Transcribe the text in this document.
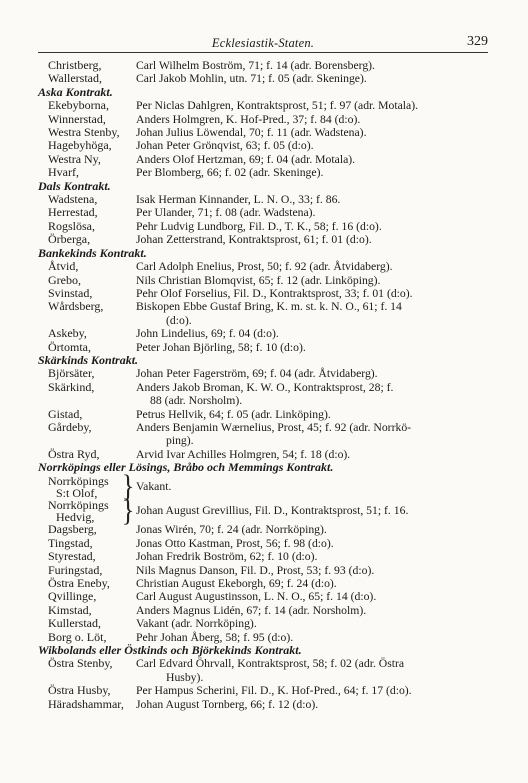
Ecklesiastik-Staten.	329
Christberg,	Carl Wilhelm Boström, 71; f. 14 (adr. Borensberg).
Wallerstad,	Carl Jakob Mohlin, utn. 71; f. 05 (adr. Skeninge).
Aska Kontrakt.
Ekebyborna,	Per Niclas Dahlgren, Kontraktsprost, 51; f. 97 (adr. Motala).
Winnerstad,	Anders Holmgren, K. Hof-Pred., 37; f. 84 (d:o).
Westra Stenby,	Johan Julius Löwendal, 70; f. 11 (adr. Wadstena).
Hagebyhöga,	Johan Peter Grönqvist, 63; f. 05 (d:o).
Westra Ny,	Anders Olof Hertzman, 69; f. 04 (adr. Motala).
Hvarf,	Per Blomberg, 66; f. 02 (adr. Skeninge).
Dals Kontrakt.
Wadstena,	Isak Herman Kinnander, L. N. O., 33; f. 86.
Herrestad,	Per Ulander, 71; f. 08 (adr. Wadstena).
Rogslösa,	Pehr Ludvig Lundborg, Fil. D., T. K., 58; f. 16 (d:o).
Örberga,	Johan Zetterstrand, Kontraktsprost, 61; f. 01 (d:o).
Bankekinds Kontrakt.
Åtvid,	Carl Adolph Enelius, Prost, 50; f. 92 (adr. Åtvidaberg).
Grebo,	Nils Christian Blomqvist, 65; f. 12 (adr. Linköping).
Svinstad,	Pehr Olof Forselius, Fil. D., Kontraktsprost, 33; f. 01 (d:o).
Wårdsberg,	Biskopen Ebbe Gustaf Bring, K. m. st. k. N. O., 61; f. 14
(d:o).
Askeby,	John Lindelius, 69; f. 04 (d:o).
Örtomta,	Peter Johan Björling, 58; f. 10 (d:o).
Skärkinds Kontrakt.
Björsäter,	Johan Peter Fagerström, 69; f. 04 (adr. Åtvidaberg).
Skärkind,	Anders Jakob Broman, K. W. O., Kontraktsprost, 28; f.
88 (adr. Norsholm).
Gistad,	Petrus Hellvik, 64; f. 05 (adr. Linköping).
Gårdeby,	Anders Benjamin Wærnelius, Prost, 45; f. 92 (adr. Norrkö-
ping).
Östra Ryd,	Arvid Ivar Achilles Holmgren, 54; f. 18 (d:o).
Norrköpings eller Lösings, Bråbo och Memmings Kontrakt.
Norrköpings
S:t Olof, } Vakant.
Norrköpings
Hedvig,	} Johan August Grevillius, Fil. D., Kontraktsprost, 51; f. 16.
Dagsberg,	Jonas Wirén, 70; f. 24 (adr. Norrköping).
Tingstad,	Jonas Otto Kastman, Prost, 56; f. 98 (d:o).
Styrestad,	Johan Fredrik Boström, 62; f. 10 (d:o).
Furingstad,	Nils Magnus Danson, Fil. D., Prost, 53; f. 93 (d:o).
Östra Eneby,	Christian August Ekeborgh, 69; f. 24 (d:o).
Qvillinge,	Carl August Augustinsson, L. N. O., 65; f. 14 (d:o).
Kimstad,	Anders Magnus Lidén, 67; f. 14 (adr. Norsholm).
Kullerstad,	Vakant (adr. Norrköping).
Borg o. Löt,	Pehr Johan Åberg, 58; f. 95 (d:o).
Wikbolands eller Östkinds och Björkekinds Kontrakt.
Östra Stenby,	Carl Edvard Öhrvall, Kontraktsprost, 58; f. 02 (adr. Östra
Husby).
Östra Husby,	Per Hampus Scherini, Fil. D., K. Hof-Pred., 64; f. 17 (d:o).
Häradshammar,	Johan August Tornberg, 66; f. 12 (d:o).
